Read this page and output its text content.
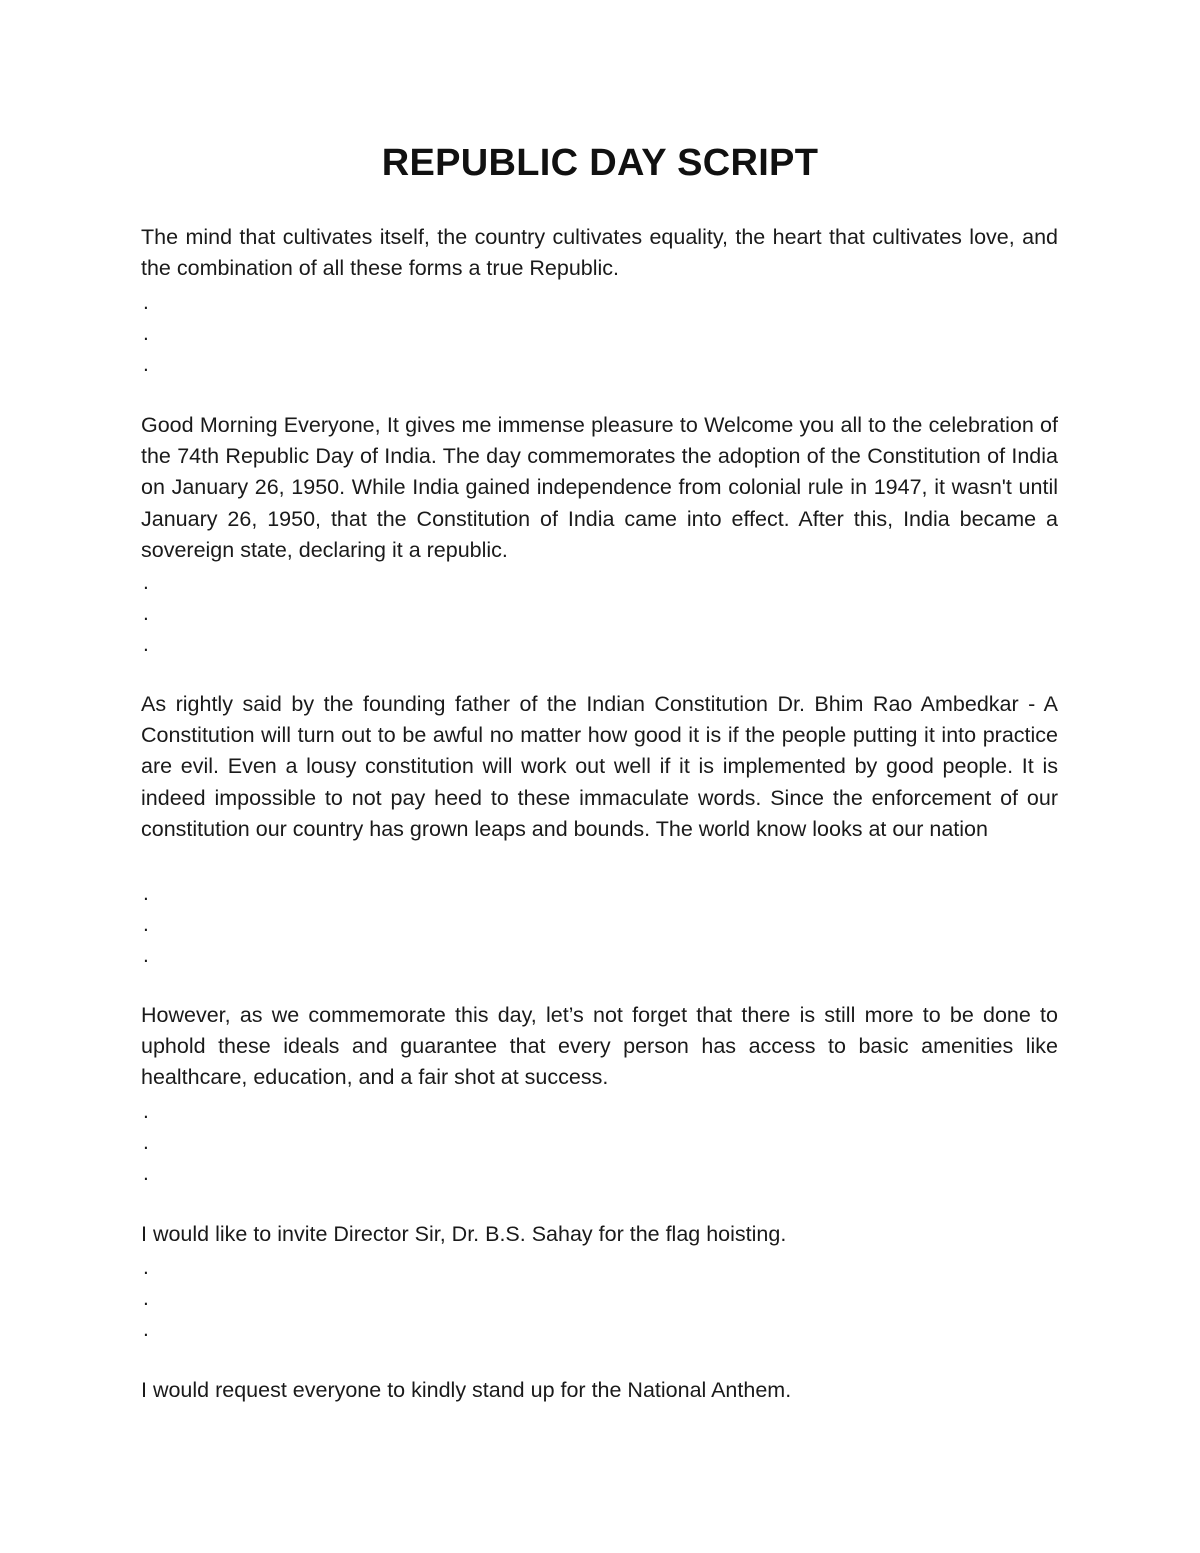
REPUBLIC DAY SCRIPT

The mind that cultivates itself, the country cultivates equality, the heart that cultivates love, and the combination of all these forms a true Republic.

.
.
.

Good Morning Everyone, It gives me immense pleasure to Welcome you all to the celebration of the 74th Republic Day of India. The day commemorates the adoption of the Constitution of India on January 26, 1950. While India gained independence from colonial rule in 1947, it wasn't until January 26, 1950, that the Constitution of India came into effect. After this, India became a sovereign state, declaring it a republic.

.
.
.

As rightly said by the founding father of the Indian Constitution Dr. Bhim Rao Ambedkar - A Constitution will turn out to be awful no matter how good it is if the people putting it into practice are evil. Even a lousy constitution will work out well if it is implemented by good people. It is indeed impossible to not pay heed to these immaculate words. Since the enforcement of our constitution our country has grown leaps and bounds. The world know looks at our nation

.
.
.

However, as we commemorate this day, let’s not forget that there is still more to be done to uphold these ideals and guarantee that every person has access to basic amenities like healthcare, education, and a fair shot at success.

.
.
.

I would like to invite Director Sir, Dr. B.S. Sahay for the flag hoisting.

.
.
.

I would request everyone to kindly stand up for the National Anthem.
